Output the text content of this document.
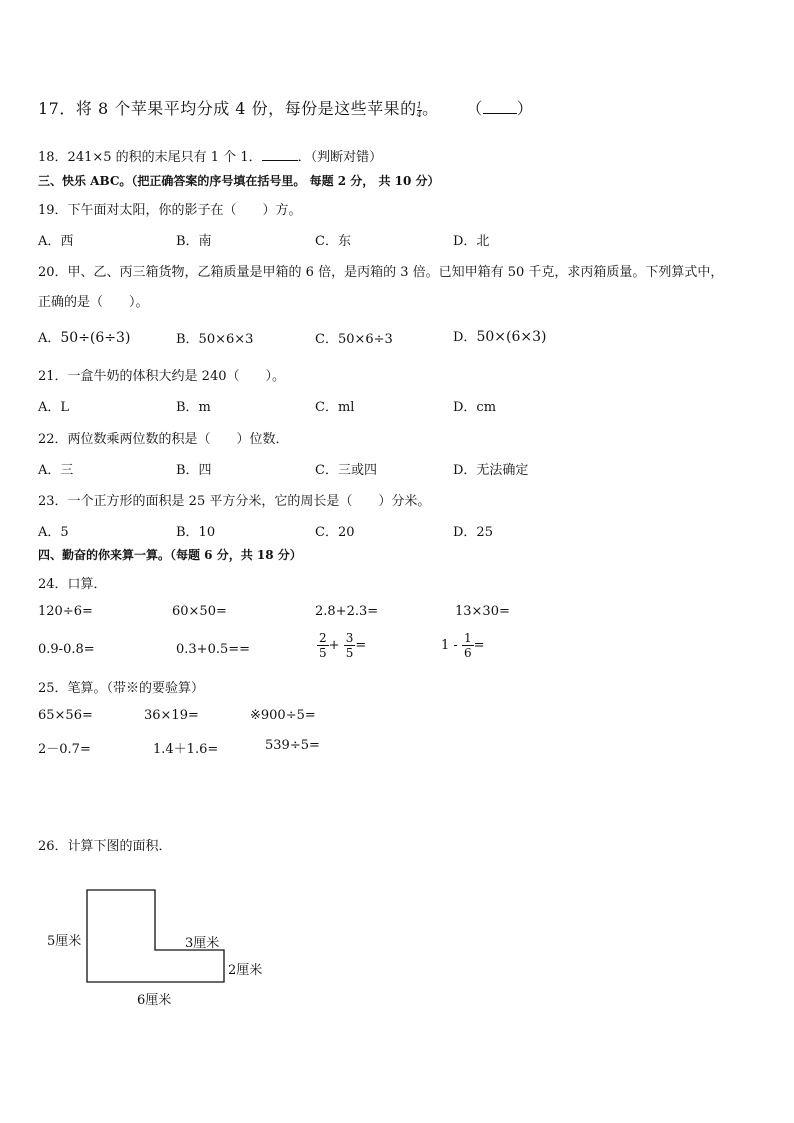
17．将 8 个苹果平均分成 4 份，每份是这些苹果的 $\frac{1}{4}$ 。 （ ）
18．241×5 的积的末尾只有 1 个 1．	．（判断对错）
三、快乐 ABC。（把正确答案的序号填在括号里。 每题 2 分， 共 10 分）
19．下午面对太阳，你的影子在（　　）方。
A．西	B．南	C．东	D．北
20．甲、乙、丙三箱货物，乙箱质量是甲箱的 6 倍，是丙箱的 3 倍。已知甲箱有 50 千克，求丙箱质量。下列算式中，
正确的是（　　）。
A．50÷(6÷3)	B．50×6×3	C．50×6÷3	D．50×(6×3)
21．一盒牛奶的体积大约是 240（　　）。
A．L	B．m	C．ml	D．cm
22．两位数乘两位数的积是（　　）位数．
A．三	B．四	C．三或四	D．无法确定
23．一个正方形的面积是 25 平方分米，它的周长是（　　）分米。
A．5	B．10	C．20	D．25
四、勤奋的你来算一算。（每题 6 分，共 18 分）
24．口算．
120÷6=	60×50=	2.8+2.3=	13×30=
0.9-0.8=	0.3+0.5==	$\frac{2}{5} + \frac{3}{5}$ =	$1 - \frac{1}{6}$ =
25．笔算。（带※的要验算）
65×56=	36×19=	※900÷5=
2－0.7=	1.4＋1.6=	539÷5=
26．计算下图的面积．
5厘米	3厘米
2厘米
6厘米
